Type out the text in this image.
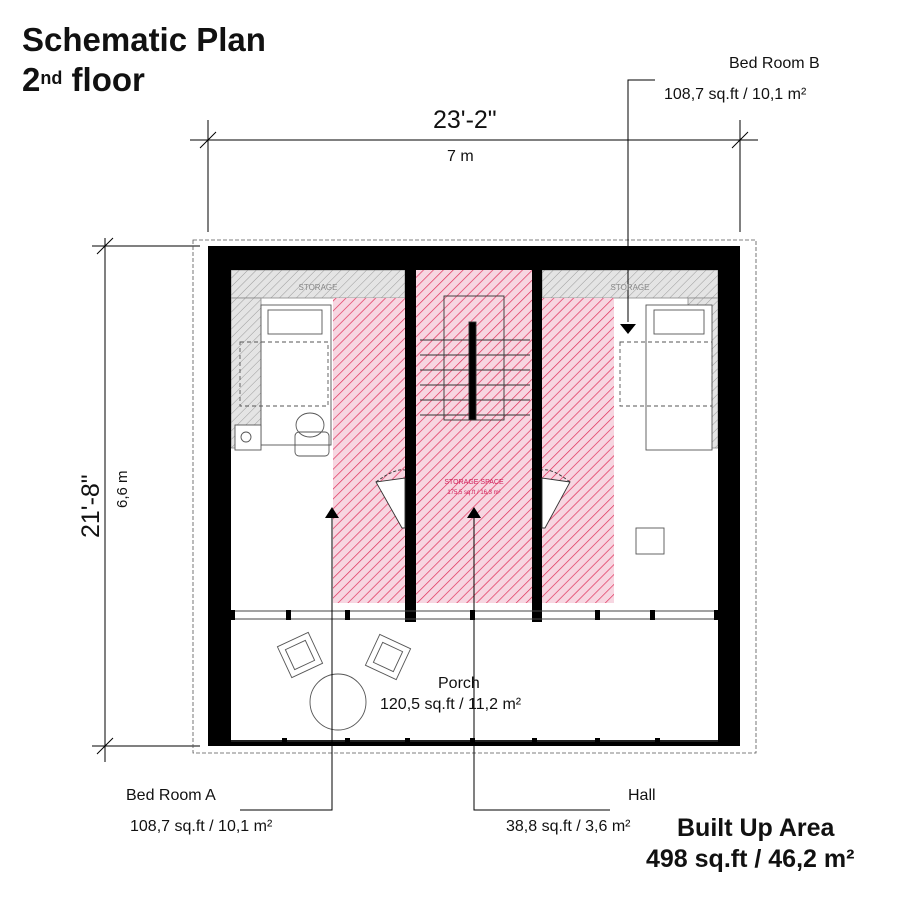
Schematic Plan
2nd floor
STORAGE	STORAGE
STORAGE SPACE
175,5 sq.ft / 16,3 m²
23'-2"
7 m
21'-8" 6,6 m
Bed Room B
108,7 sq.ft / 10,1 m²
Bed Room A
108,7 sq.ft / 10,1 m²
Hall
38,8 sq.ft / 3,6 m²
Porch
120,5 sq.ft / 11,2 m²
Built Up Area
498 sq.ft / 46,2 m²
